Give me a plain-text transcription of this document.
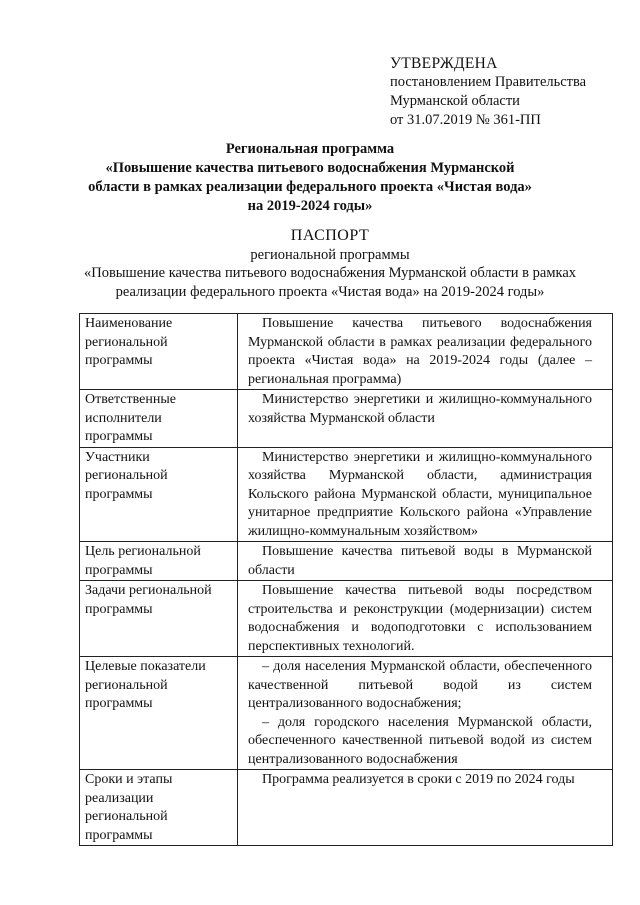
УТВЕРЖДЕНА
постановлением Правительства
Мурманской области
от 31.07.2019 № 361-ПП
Региональная программа
«Повышение качества питьевого водоснабжения Мурманской области в рамках реализации федерального проекта «Чистая вода» на 2019-2024 годы»
ПАСПОРТ
региональной программы
«Повышение качества питьевого водоснабжения Мурманской области в рамках реализации федерального проекта «Чистая вода» на 2019-2024 годы»
Наименование региональной программы	Повышение качества питьевого водоснабжения Мурманской области в рамках реализации федерального проекта «Чистая вода» на 2019-2024 годы (далее – региональная программа)

Ответственные исполнители программы	Министерство энергетики и жилищно-коммунального хозяйства Мурманской области

Участники региональной программы	Министерство энергетики и жилищно-коммунального хозяйства Мурманской области, администрация Кольского района Мурманской области, муниципальное унитарное предприятие Кольского района «Управление жилищно-коммунальным хозяйством»

Цель региональной программы	Повышение качества питьевой воды в Мурманской области

Задачи региональной программы	Повышение качества питьевой воды посредством строительства и реконструкции (модернизации) систем водоснабжения и водоподготовки с использованием перспективных технологий.

Целевые показатели региональной программы	– доля населения Мурманской области, обеспеченного качественной питьевой водой из систем централизованного водоснабжения;
– доля городского населения Мурманской области, обеспеченного качественной питьевой водой из систем централизованного водоснабжения

Сроки и этапы реализации региональной программы	Программа реализуется в сроки с 2019 по 2024 годы
